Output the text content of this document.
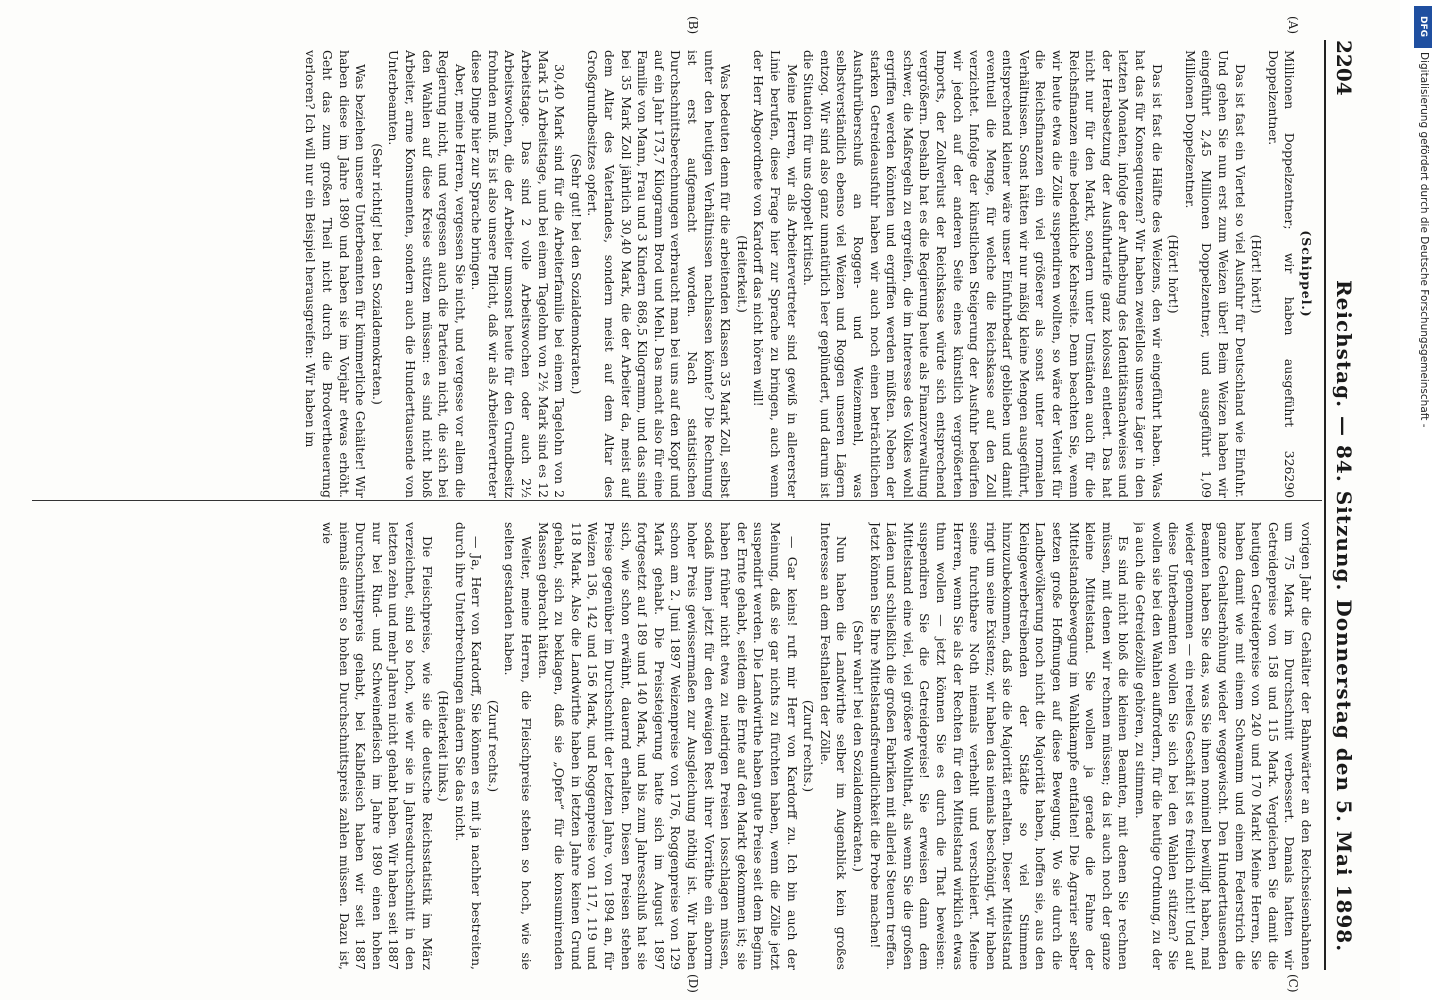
2204
Reichstag. — 84. Sitzung. Donnerstag den 5. Mai 1898.
(A)
(B)
(C)
(D)

(Schippel.)

Millionen Doppelzentner; wir haben ausgeführt 326290 Doppelzentner.

(Hört! hört!)

Das ist fast ein Viertel so viel Ausfuhr für Deutschland wie Einfuhr. Und gehen Sie nun erst zum Weizen über! Beim Weizen haben wir eingeführt 2,45 Millionen Doppelzentner, und ausgeführt 1,09 Millionen Doppelzentner.

(Hört! hört!)

Das ist fast die Hälfte des Weizens, den wir eingeführt haben. Was hat das für Konsequenzen? Wir haben zweifellos unsere Läger in den letzten Monaten, infolge der Aufhebung des Identitätsnachweises und der Herabsetzung der Ausfuhrtarife ganz kolossal entleert. Das hat nicht nur für den Markt, sondern unter Umständen auch für die Reichsfinanzen eine bedenkliche Kehrseite. Denn beachten Sie, wenn wir heute etwa die Zölle suspendiren wollten, so wäre der Verlust für die Reichsfinanzen ein viel größerer als sonst unter normalen Verhältnissen. Sonst hätten wir nur mäßig kleine Mengen ausgeführt, entsprechend kleiner wäre unser Einfuhrbedarf geblieben und damit eventuell die Menge, für welche die Reichskasse auf den Zoll verzichtet. Infolge der künstlichen Steigerung der Ausfuhr bedürfen wir jedoch auf der anderen Seite eines künstlich vergrößerten Imports, der Zollverlust der Reichskasse würde sich entsprechend vergrößern. Deshalb hat es die Regierung heute als Finanzverwaltung schwer, die Maßregeln zu ergreifen, die im Interesse des Volkes wohl ergriffen werden könnten und ergriffen werden müßten. Neben der starken Getreideausfuhr haben wir auch noch einen beträchtlichen Ausfuhrüberschuß an Roggen- und Weizenmehl, was selbstverständlich ebenso viel Weizen und Roggen unseren Lägern entzog. Wir sind also ganz unnatürlich leer geplündert, und darum ist die Situation für uns doppelt kritisch.

Meine Herren, wir als Arbeitervertreter sind gewiß in allererster Linie berufen, diese Frage hier zur Sprache zu bringen, auch wenn der Herr Abgeordnete von Kardorff das nicht hören will!

(Heiterkeit.)

Was bedeuten denn für die arbeitenden Klassen 35 Mark Zoll, selbst unter den heutigen Verhältnissen nachlassen könnte? Die Rechnung ist erst aufgemacht worden. Nach statistischen Durchschnittsberechnungen verbraucht man bei uns auf den Kopf und auf ein Jahr 173,7 Kilogramm Brod und Mehl. Das macht also für eine Familie von Mann, Frau und 3 Kindern 868,5 Kilogramm, und das sind bei 35 Mark Zoll jährlich 30,40 Mark, die der Arbeiter da, meist auf dem Altar des Vaterlandes, sondern meist auf dem Altar des Großgrundbesitzes opfert.

(Sehr gut! bei den Sozialdemokraten.)

30,40 Mark sind für die Arbeiterfamilie bei einem Tagelohn von 2 Mark 15 Arbeitstage, und bei einem Tagelohn von 2½ Mark sind es 12 Arbeitstage. Das sind 2 volle Arbeitswochen oder auch 2½ Arbeitswochen, die der Arbeiter umsonst heute für den Grundbesitz frohnden muß. Es ist also unsere Pflicht, daß wir als Arbeitervertreter diese Dinge hier zur Sprache bringen.

Aber, meine Herren, vergessen Sie nicht, und vergesse vor allem die Regierung nicht, und vergessen auch die Parteien nicht, die sich bei den Wahlen auf diese Kreise stützen müssen: es sind nicht bloß Arbeiter, arme Konsumenten, sondern auch die Hunderttausende von Unterbeamten.

(Sehr richtig! bei den Sozialdemokraten.)

Was beziehen unsere Unterbeamten für kümmerliche Gehälter! Wir haben diese im Jahre 1890 und haben sie im Vorjahr etwas erhöht. Geht das zum großen Theil nicht durch die Brodvertheuerung verloren? Ich will nur ein Beispiel herausgreifen: Wir haben im

vorigen Jahr die Gehälter der Bahnwärter an den Reichseisenbahnen um 75 Mark im Durchschnitt verbessert. Damals hatten wir Getreidepreise von 158 und 115 Mark. Vergleichen Sie damit die heutigen Getreidepreise von 240 und 170 Mark! Meine Herren, Sie haben damit wie mit einem Schwamm und einem Federstrich die ganze Gehaltserhöhung wieder weggewischt. Den Hunderttausenden Beamten haben Sie das, was Sie ihnen nominell bewilligt haben, mal wieder genommen — ein reelles Geschäft ist es freilich nicht! Und auf diese Unterbeamten wollen Sie sich bei den Wahlen stützen? Sie wollen sie bei den Wahlen auffordern, für die heutige Ordnung, zu der ja auch die Getreidezölle gehören, zu stimmen.

Es sind nicht bloß die kleinen Beamten, mit denen Sie rechnen müssen, mit denen wir rechnen müssen; da ist auch noch der ganze kleine Mittelstand. Sie wollen ja gerade die Fahne der Mittelstandsbewegung im Wahlkampfe entfalten! Die Agrarier selber setzen große Hoffnungen auf diese Bewegung. Wo sie durch die Landbevölkerung noch nicht die Majorität haben, hoffen sie, aus den Kleingewerbetreibenden der Städte so viel Stimmen hinzuzubekommen, daß sie die Majorität erhalten. Dieser Mittelstand ringt um seine Existenz; wir haben das niemals beschönigt, wir haben seine furchtbare Noth niemals verhehlt und verschleiert. Meine Herren, wenn Sie als der Rechten für den Mittelstand wirklich etwas thun wollen — jetzt können Sie es durch die That beweisen: suspendiren Sie die Getreidepreise! Sie erweisen dann dem Mittelstand eine viel, viel größere Wohlthat, als wenn Sie die großen Läden und schließlich die großen Fabriken mit allerlei Steuern treffen. Jetzt können Sie Ihre Mittelstandsfreundlichkeit die Probe machen!

(Sehr wahr! bei den Sozialdemokraten.)

Nun haben die Landwirthe selber im Augenblick kein großes Interesse an dem Festhalten der Zölle.

(Zuruf rechts.)

— Gar keins! ruft mir Herr von Kardorff zu. Ich bin auch der Meinung, daß sie gar nichts zu fürchten haben, wenn die Zölle jetzt suspendirt werden. Die Landwirthe haben gute Preise seit dem Beginn der Ernte gehabt, seitdem die Ernte auf den Markt gekommen ist; sie haben früher nicht etwa zu niedrigen Preisen losschlagen müssen, sodaß ihnen jetzt für den etwaigen Rest ihrer Vorräthe ein abnorm hoher Preis gewissermaßen zur Ausgleichung nöthig ist. Wir haben schon am 2. Juni 1897 Weizenpreise von 176, Roggenpreise von 129 Mark gehabt. Die Preissteigerung hatte sich im August 1897 fortgesetzt auf 189 und 140 Mark, und bis zum Jahresschluß hat sie sich, wie schon erwähnt, dauernd erhalten. Diesen Preisen stehen Preise gegenüber im Durchschnitt der letzten Jahre, von 1894 an, für Weizen 136, 142 und 156 Mark, und Roggenpreise von 117, 119 und 118 Mark. Also die Landwirthe haben in letzten Jahre keinen Grund gehabt, sich zu beklagen, daß sie „Opfer“ für die konsumirenden Massen gebracht hätten.

Weiter, meine Herren, die Fleischpreise stehen so hoch, wie sie selten gestanden haben.

(Zuruf rechts.)

— Ja, Herr von Kardorff, Sie können es mit ja nachher bestreiten, durch ihre Unterbrechungen ändern Sie das nicht.

(Heiterkeit links.)

Die Fleischpreise, wie sie die deutsche Reichsstatistik im März verzeichnet, sind so hoch, wie wir sie in Jahresdurchschnitt in den letzten zehn und mehr Jahren nicht gehabt haben. Wir haben seit 1887 nur bei Rind- und Schweinefleisch im Jahre 1890 einen hohen Durchschnittspreis gehabt, bei Kalbfleisch haben wir seit 1887 niemals einen so hohen Durchschnittspreis zahlen müssen. Dazu ist, wie

DFG
Digitalisierung gefördert durch die Deutsche Forschungsgemeinschaft -
